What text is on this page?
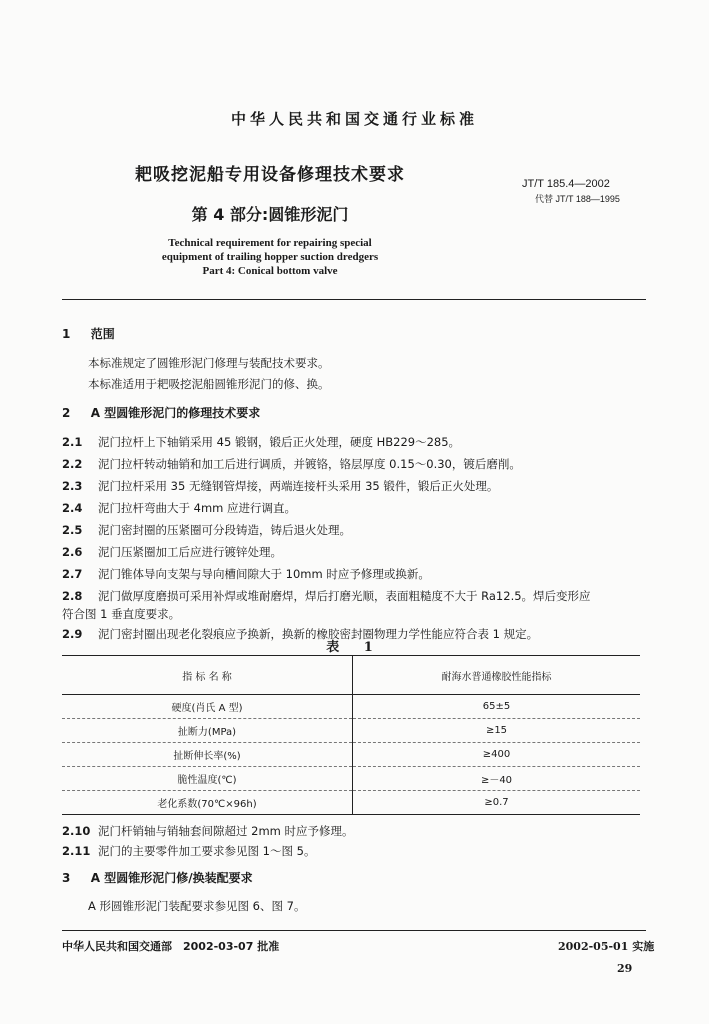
中华人民共和国交通行业标准
耙吸挖泥船专用设备修理技术要求
第 4 部分:圆锥形泥门
JT/T 185.4—2002
代替 JT/T 188—1995
Technical requirement for repairing special
equipment of trailing hopper suction dredgers
Part 4: Conical bottom valve
1 范围
本标准规定了圆锥形泥门修理与装配技术要求。
本标准适用于耙吸挖泥船圆锥形泥门的修、换。
2 A 型圆锥形泥门的修理技术要求
2.1 泥门拉杆上下轴销采用 45 锻钢，锻后正火处理，硬度 HB229～285。
2.2 泥门拉杆转动轴销和加工后进行调质，并镀铬，铬层厚度 0.15～0.30，镀后磨削。
2.3 泥门拉杆采用 35 无缝钢管焊接，两端连接杆头采用 35 锻件，锻后正火处理。
2.4 泥门拉杆弯曲大于 4mm 应进行调直。
2.5 泥门密封圈的压紧圈可分段铸造，铸后退火处理。
2.6 泥门压紧圈加工后应进行镀锌处理。
2.7 泥门锥体导向支架与导向槽间隙大于 10mm 时应予修理或换新。
2.8 泥门做厚度磨损可采用补焊或堆耐磨焊，焊后打磨光顺，表面粗糙度不大于 Ra12.5。焊后变形应
符合图 1 垂直度要求。
2.9 泥门密封圈出现老化裂痕应予换新，换新的橡胶密封圈物理力学性能应符合表 1 规定。
表 1
指 标 名 称	耐海水普通橡胶性能指标
硬度(肖氏 A 型)	65±5
扯断力(MPa)	≥15
扯断伸长率(%)	≥400
脆性温度(℃)	≥－40
老化系数(70℃×96h)	≥0.7
2.10 泥门杆销轴与销轴套间隙超过 2mm 时应予修理。
2.11 泥门的主要零件加工要求参见图 1～图 5。
3 A 型圆锥形泥门修/换装配要求
A 形圆锥形泥门装配要求参见图 6、图 7。
中华人民共和国交通部　2002-03-07 批准	2002-05-01 实施
29
